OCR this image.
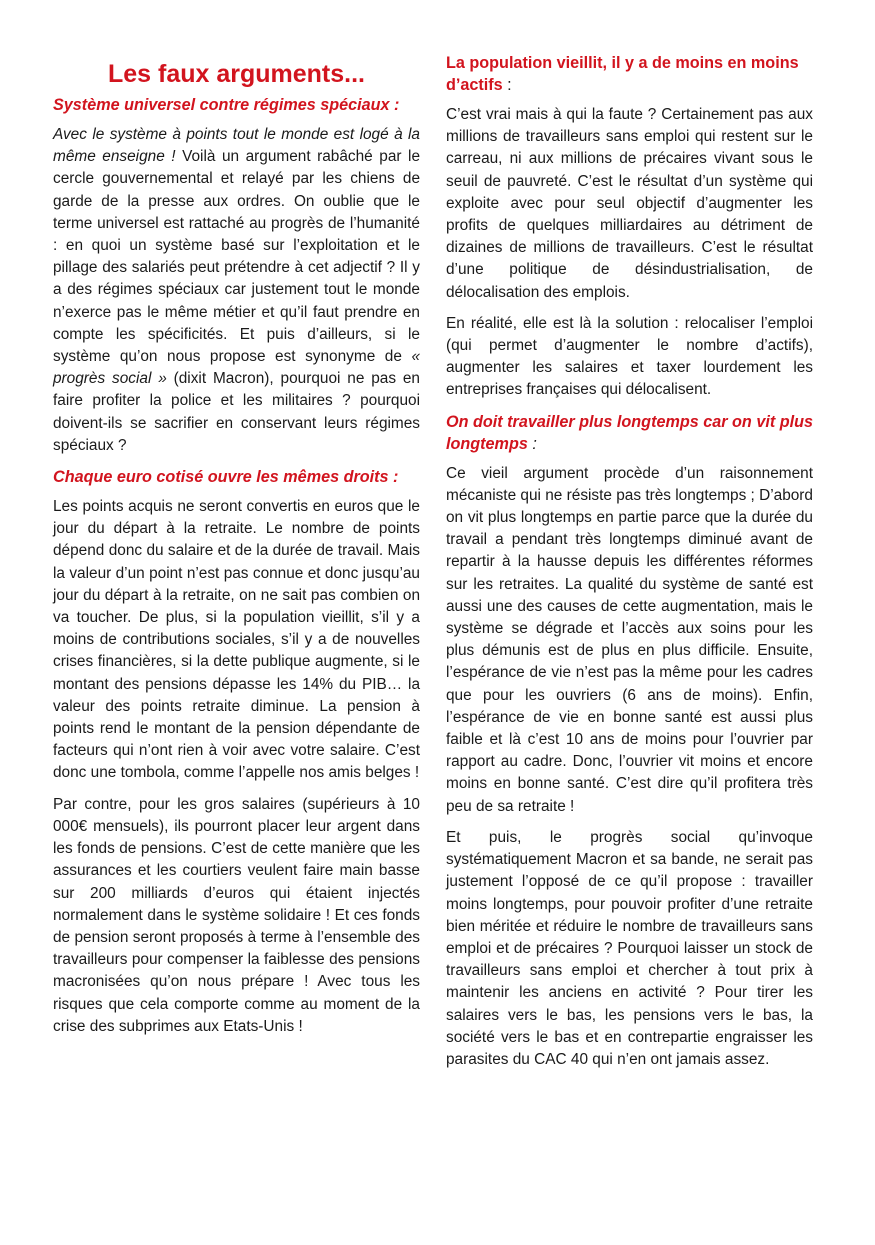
Les faux arguments...
Système universel contre régimes spéciaux :

Avec le système à points tout le monde est logé à la même enseigne ! Voilà un argument rabâché par le cercle gouvernemental et relayé par les chiens de garde de la presse aux ordres. On oublie que le terme universel est rattaché au progrès de l’humanité : en quoi un système basé sur l’exploitation et le pillage des salariés peut prétendre à cet adjectif ? Il y a des régimes spéciaux car justement tout le monde n’exerce pas le même métier et qu’il faut prendre en compte les spécificités. Et puis d’ailleurs, si le système qu’on nous propose est synonyme de « progrès social » (dixit Macron), pourquoi ne pas en faire profiter la police et les militaires ? pourquoi doivent-ils se sacrifier en conservant leurs régimes spéciaux ?

Chaque euro cotisé ouvre les mêmes droits :

Les points acquis ne seront convertis en euros que le jour du départ à la retraite. Le nombre de points dépend donc du salaire et de la durée de travail. Mais la valeur d’un point n’est pas connue et donc jusqu’au jour du départ à la retraite, on ne sait pas combien on va toucher. De plus, si la population vieillit, s’il y a moins de contributions sociales, s’il y a de nouvelles crises financières, si la dette publique augmente, si le montant des pensions dépasse les 14% du PIB… la valeur des points retraite diminue. La pension à points rend le montant de la pension dépendante de facteurs qui n’ont rien à voir avec votre salaire. C’est donc une tombola, comme l’appelle nos amis belges !

Par contre, pour les gros salaires (supérieurs à 10 000€ mensuels), ils pourront placer leur argent dans les fonds de pensions. C’est de cette manière que les assurances et les courtiers veulent faire main basse sur 200 milliards d’euros qui étaient injectés normalement dans le système solidaire ! Et ces fonds de pension seront proposés à terme à l’ensemble des travailleurs pour compenser la faiblesse des pensions macronisées qu’on nous prépare ! Avec tous les risques que cela comporte comme au moment de la crise des subprimes aux Etats-Unis !

La population vieillit, il y a de moins en moins d’actifs :

C’est vrai mais à qui la faute ? Certainement pas aux millions de travailleurs sans emploi qui restent sur le carreau, ni aux millions de précaires vivant sous le seuil de pauvreté. C’est le résultat d’un système qui exploite avec pour seul objectif d’augmenter les profits de quelques milliardaires au détriment de dizaines de millions de travailleurs. C’est le résultat d’une politique de désindustrialisation, de délocalisation des emplois.

En réalité, elle est là la solution : relocaliser l’emploi (qui permet d’augmenter le nombre d’actifs), augmenter les salaires et taxer lourdement les entreprises françaises qui délocalisent.

On doit travailler plus longtemps car on vit plus longtemps :

Ce vieil argument procède d’un raisonnement mécaniste qui ne résiste pas très longtemps ; D’abord on vit plus longtemps en partie parce que la durée du travail a pendant très longtemps diminué avant de repartir à la hausse depuis les différentes réformes sur les retraites. La qualité du système de santé est aussi une des causes de cette augmentation, mais le système se dégrade et l’accès aux soins pour les plus démunis est de plus en plus difficile. Ensuite, l’espérance de vie n’est pas la même pour les cadres que pour les ouvriers (6 ans de moins). Enfin, l’espérance de vie en bonne santé est aussi plus faible et là c’est 10 ans de moins pour l’ouvrier par rapport au cadre. Donc, l’ouvrier vit moins et encore moins en bonne santé. C’est dire qu’il profitera très peu de sa retraite !

Et puis, le progrès social qu’invoque systématiquement Macron et sa bande, ne serait pas justement l’opposé de ce qu’il propose : travailler moins longtemps, pour pouvoir profiter d’une retraite bien méritée et réduire le nombre de travailleurs sans emploi et de précaires ? Pourquoi laisser un stock de travailleurs sans emploi et chercher à tout prix à maintenir les anciens en activité ? Pour tirer les salaires vers le bas, les pensions vers le bas, la société vers le bas et en contrepartie engraisser les parasites du CAC 40 qui n’en ont jamais assez.
